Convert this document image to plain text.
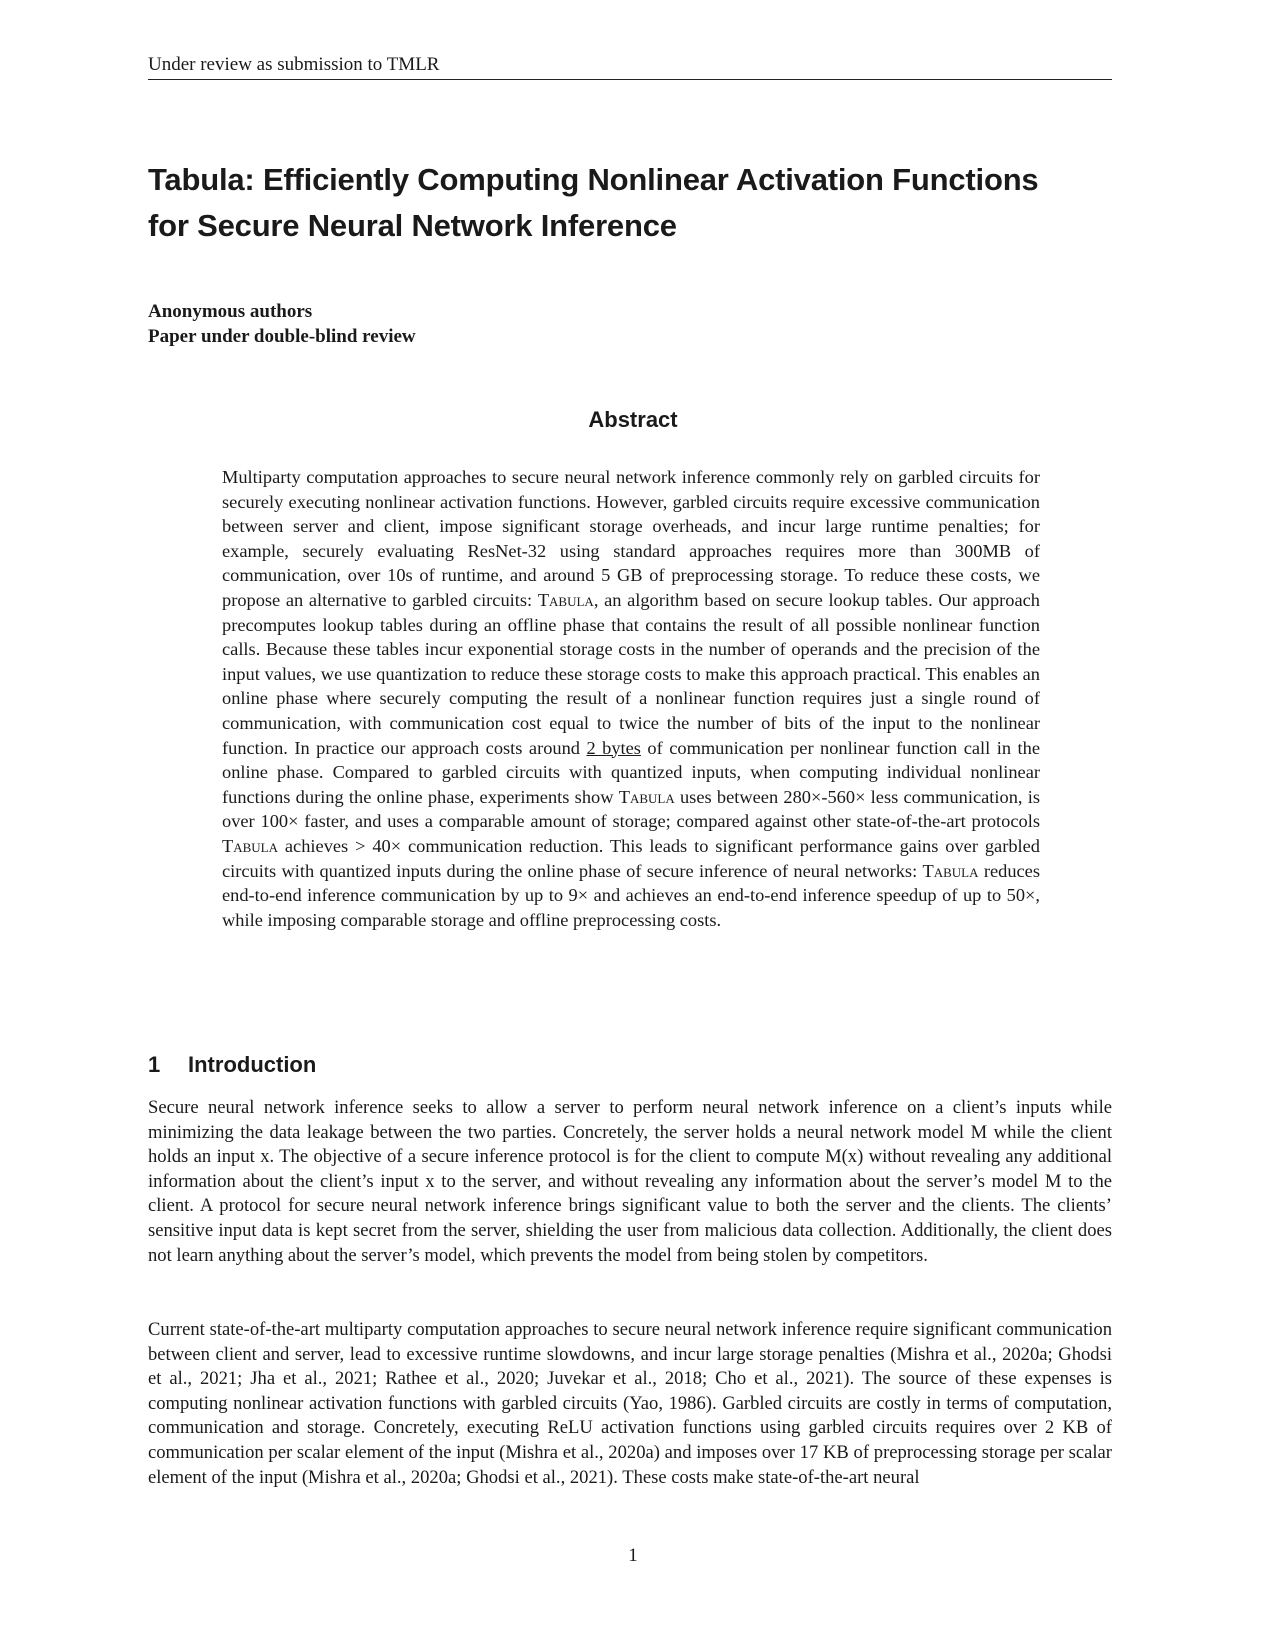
Under review as submission to TMLR
Tabula: Efficiently Computing Nonlinear Activation Functions
for Secure Neural Network Inference
Anonymous authors
Paper under double-blind review
Abstract

Multiparty computation approaches to secure neural network inference commonly rely on garbled circuits for securely executing nonlinear activation functions. However, garbled circuits require excessive communication between server and client, impose significant storage overheads, and incur large runtime penalties; for example, securely evaluating ResNet-32 using standard approaches requires more than 300MB of communication, over 10s of runtime, and around 5 GB of preprocessing storage. To reduce these costs, we propose an alternative to garbled circuits: Tabula, an algorithm based on secure lookup tables. Our approach precomputes lookup tables during an offline phase that contains the result of all possible nonlinear function calls. Because these tables incur exponential storage costs in the number of operands and the precision of the input values, we use quantization to reduce these storage costs to make this approach practical. This enables an online phase where securely computing the result of a nonlinear function requires just a single round of communication, with communication cost equal to twice the number of bits of the input to the nonlinear function. In practice our approach costs around 2 bytes of communication per nonlinear function call in the online phase. Compared to garbled circuits with quantized inputs, when computing individual nonlinear functions during the online phase, experiments show Tabula uses between 280×-560× less communication, is over 100× faster, and uses a comparable amount of storage; compared against other state-of-the-art protocols Tabula achieves > 40× communication reduction. This leads to significant performance gains over garbled circuits with quantized inputs during the online phase of secure inference of neural networks: Tabula reduces end-to-end inference communication by up to 9× and achieves an end-to-end inference speedup of up to 50×, while imposing comparable storage and offline preprocessing costs.

1 Introduction

Secure neural network inference seeks to allow a server to perform neural network inference on a client’s inputs while minimizing the data leakage between the two parties. Concretely, the server holds a neural network model M while the client holds an input x. The objective of a secure inference protocol is for the client to compute M(x) without revealing any additional information about the client’s input x to the server, and without revealing any information about the server’s model M to the client. A protocol for secure neural network inference brings significant value to both the server and the clients. The clients’ sensitive input data is kept secret from the server, shielding the user from malicious data collection. Additionally, the client does not learn anything about the server’s model, which prevents the model from being stolen by competitors.

Current state-of-the-art multiparty computation approaches to secure neural network inference require significant communication between client and server, lead to excessive runtime slowdowns, and incur large storage penalties (Mishra et al., 2020a; Ghodsi et al., 2021; Jha et al., 2021; Rathee et al., 2020; Juvekar et al., 2018; Cho et al., 2021). The source of these expenses is computing nonlinear activation functions with garbled circuits (Yao, 1986). Garbled circuits are costly in terms of computation, communication and storage. Concretely, executing ReLU activation functions using garbled circuits requires over 2 KB of communication per scalar element of the input (Mishra et al., 2020a) and imposes over 17 KB of preprocessing storage per scalar element of the input (Mishra et al., 2020a; Ghodsi et al., 2021). These costs make state-of-the-art neural

1
